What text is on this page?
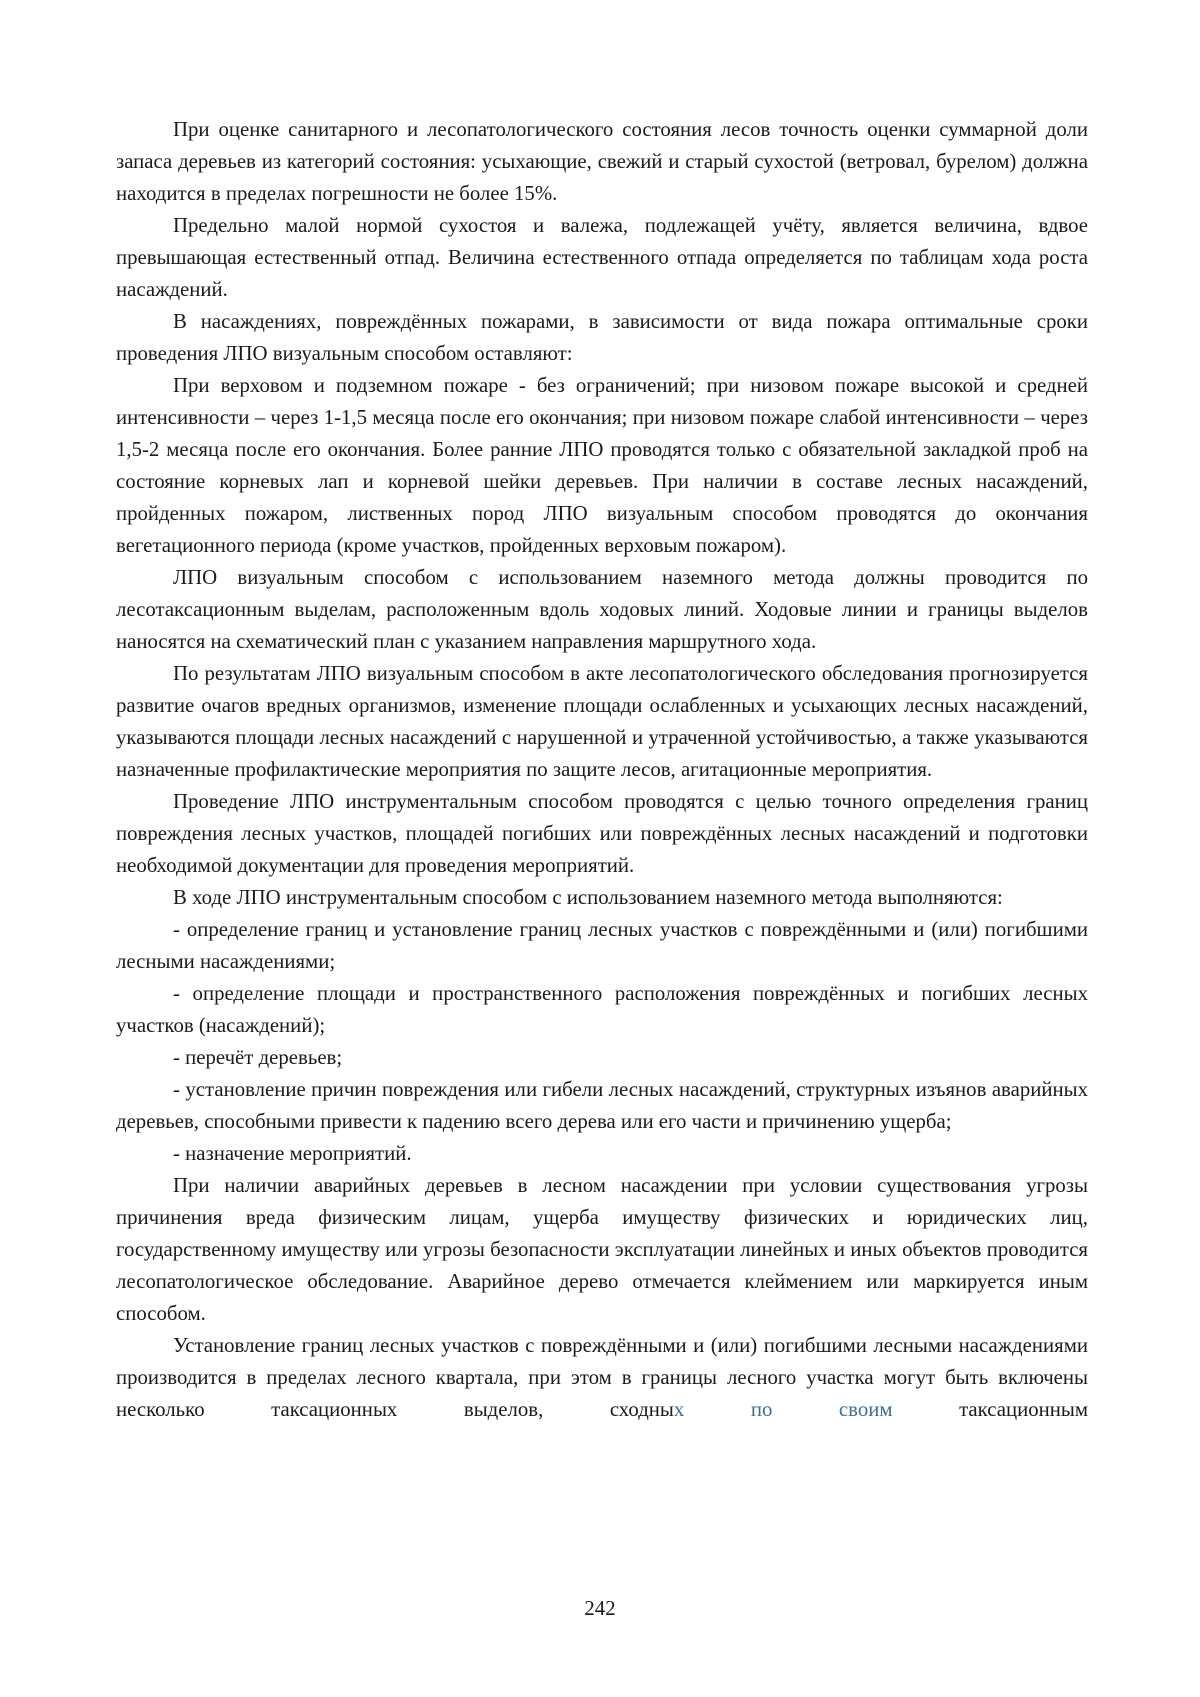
При оценке санитарного и лесопатологического состояния лесов точность оценки суммарной доли запаса деревьев из категорий состояния: усыхающие, свежий и старый сухостой (ветровал, бурелом) должна находится в пределах погрешности не более 15%.

Предельно малой нормой сухостоя и валежа, подлежащей учёту, является величина, вдвое превышающая естественный отпад. Величина естественного отпада определяется по таблицам хода роста насаждений.

В насаждениях, повреждённых пожарами, в зависимости от вида пожара оптимальные сроки проведения ЛПО визуальным способом оставляют:

При верховом и подземном пожаре - без ограничений; при низовом пожаре высокой и средней интенсивности – через 1-1,5 месяца после его окончания; при низовом пожаре слабой интенсивности – через 1,5-2 месяца после его окончания. Более ранние ЛПО проводятся только с обязательной закладкой проб на состояние корневых лап и корневой шейки деревьев. При наличии в составе лесных насаждений, пройденных пожаром, лиственных пород ЛПО визуальным способом проводятся до окончания вегетационного периода (кроме участков, пройденных верховым пожаром).

ЛПО визуальным способом с использованием наземного метода должны проводится по лесотаксационным выделам, расположенным вдоль ходовых линий. Ходовые линии и границы выделов наносятся на схематический план с указанием направления маршрутного хода.

По результатам ЛПО визуальным способом в акте лесопатологического обследования прогнозируется развитие очагов вредных организмов, изменение площади ослабленных и усыхающих лесных насаждений, указываются площади лесных насаждений с нарушенной и утраченной устойчивостью, а также указываются назначенные профилактические мероприятия по защите лесов, агитационные мероприятия.

Проведение ЛПО инструментальным способом проводятся с целью точного определения границ повреждения лесных участков, площадей погибших или повреждённых лесных насаждений и подготовки необходимой документации для проведения мероприятий.

В ходе ЛПО инструментальным способом с использованием наземного метода выполняются:

- определение границ и установление границ лесных участков с повреждёнными и (или) погибшими лесными насаждениями;

- определение площади и пространственного расположения повреждённых и погибших лесных участков (насаждений);

- перечёт деревьев;

- установление причин повреждения или гибели лесных насаждений, структурных изъянов аварийных деревьев, способными привести к падению всего дерева или его части и причинению ущерба;

- назначение мероприятий.

При наличии аварийных деревьев в лесном насаждении при условии существования угрозы причинения вреда физическим лицам, ущерба имуществу физических и юридических лиц, государственному имуществу или угрозы безопасности эксплуатации линейных и иных объектов проводится лесопатологическое обследование. Аварийное дерево отмечается клеймением или маркируется иным способом.

Установление границ лесных участков с повреждёнными и (или) погибшими лесными насаждениями производится в пределах лесного квартала, при этом в границы лесного участка могут быть включены несколько таксационных выделов, сходных по своим таксационным

242
